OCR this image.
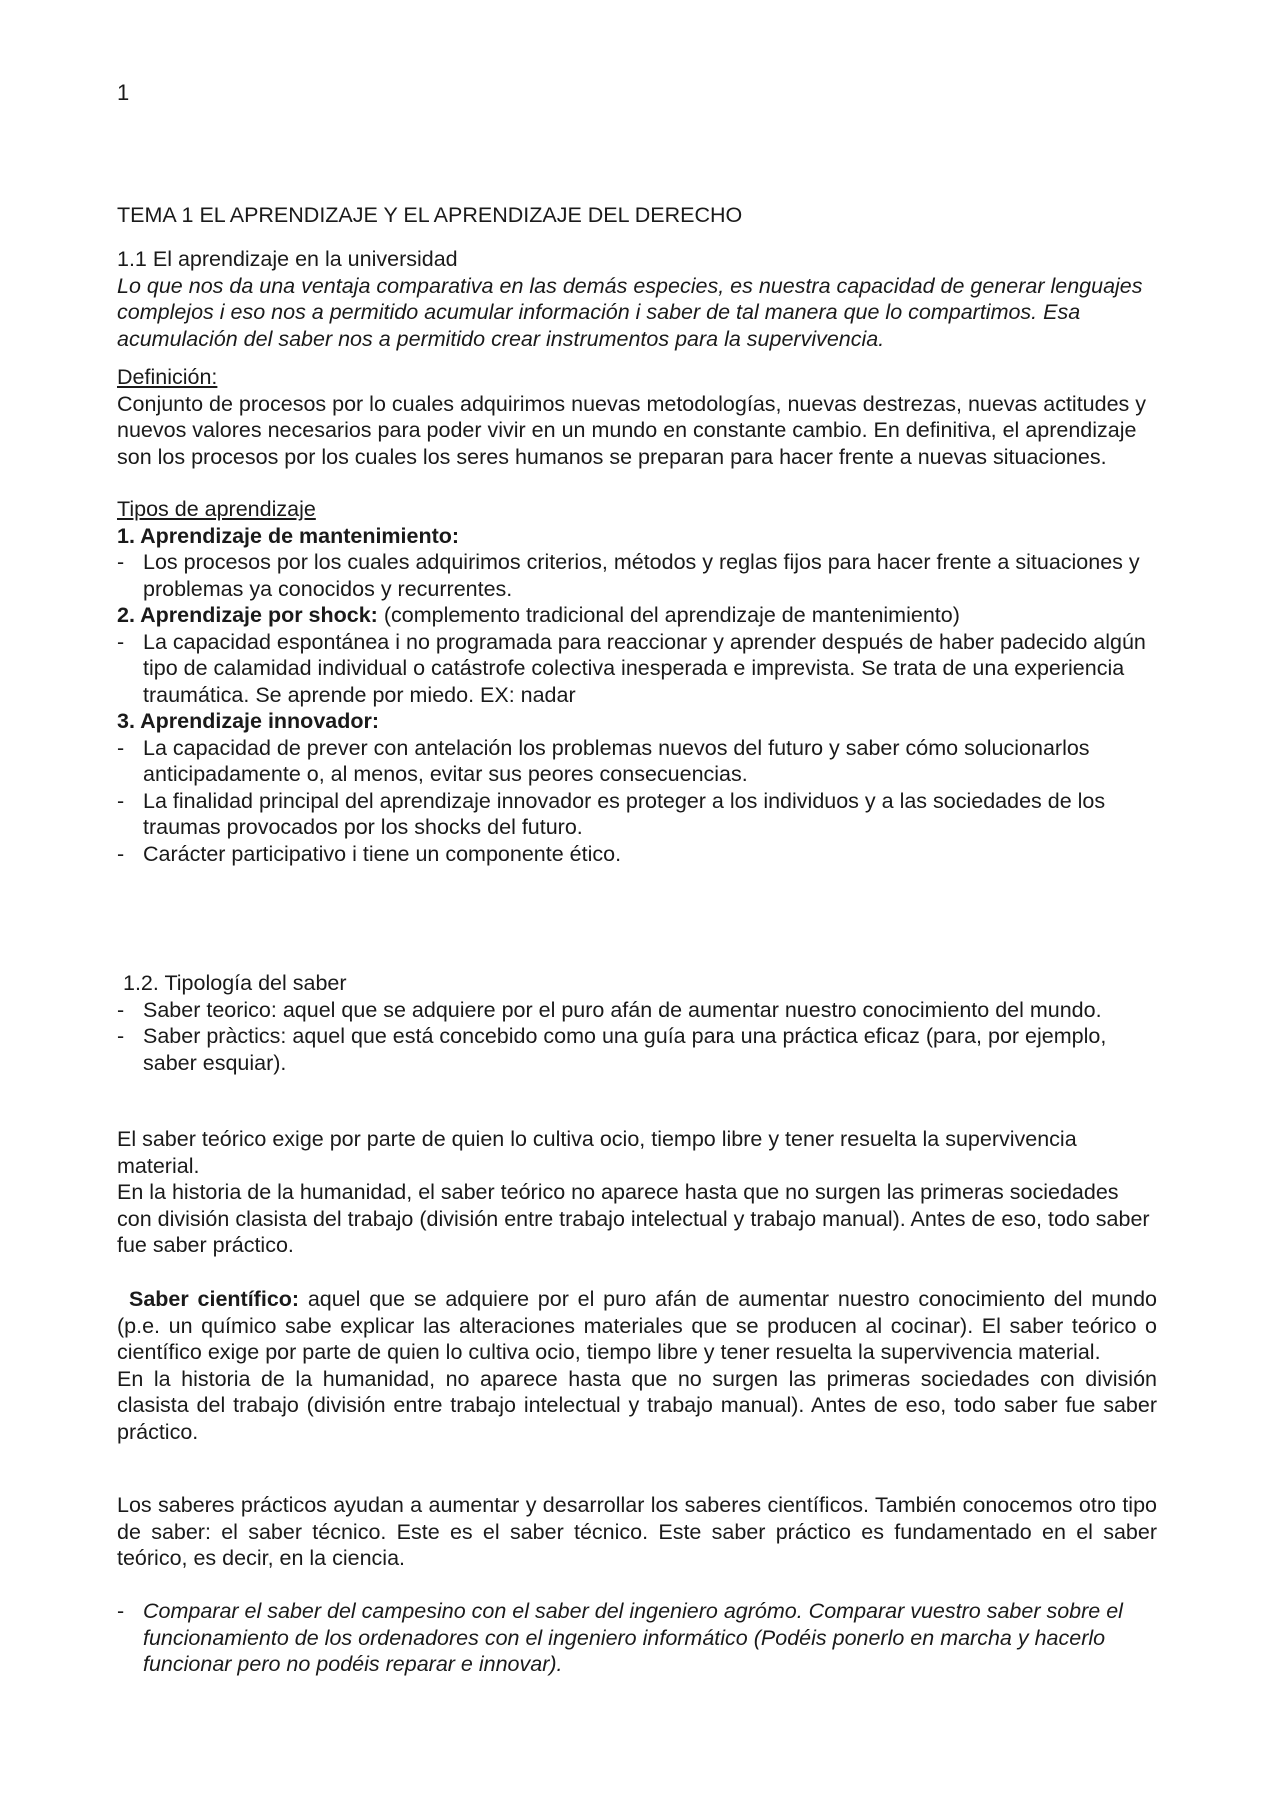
1

TEMA 1 EL APRENDIZAJE Y EL APRENDIZAJE DEL DERECHO

1.1 El aprendizaje en la universidad

Lo que nos da una ventaja comparativa en las demás especies, es nuestra capacidad de generar lenguajes complejos i eso nos a permitido acumular información i saber de tal manera que lo compartimos. Esa acumulación del saber nos a permitido crear instrumentos para la supervivencia.

Definición:

Conjunto de procesos por lo cuales adquirimos nuevas metodologías, nuevas destrezas, nuevas actitudes y nuevos valores necesarios para poder vivir en un mundo en constante cambio. En definitiva, el aprendizaje son los procesos por los cuales los seres humanos se preparan para hacer frente a nuevas situaciones.

Tipos de aprendizaje

1. Aprendizaje de mantenimiento:

- Los procesos por los cuales adquirimos criterios, métodos y reglas fijos para hacer frente a situaciones y problemas ya conocidos y recurrentes.

2. Aprendizaje por shock: (complemento tradicional del aprendizaje de mantenimiento)

- La capacidad espontánea i no programada para reaccionar y aprender después de haber padecido algún tipo de calamidad individual o catástrofe colectiva inesperada e imprevista. Se trata de una experiencia traumática. Se aprende por miedo. EX: nadar

3. Aprendizaje innovador:

- La capacidad de prever con antelación los problemas nuevos del futuro y saber cómo solucionarlos anticipadamente o, al menos, evitar sus peores consecuencias.
- La finalidad principal del aprendizaje innovador es proteger a los individuos y a las sociedades de los traumas provocados por los shocks del futuro.
- Carácter participativo i tiene un componente ético.

1.2. Tipología del saber

- Saber teorico: aquel que se adquiere por el puro afán de aumentar nuestro conocimiento del mundo.
- Saber pràctics: aquel que está concebido como una guía para una práctica eficaz (para, por ejemplo, saber esquiar).

El saber teórico exige por parte de quien lo cultiva ocio, tiempo libre y tener resuelta la supervivencia material.

En la historia de la humanidad, el saber teórico no aparece hasta que no surgen las primeras sociedades con división clasista del trabajo (división entre trabajo intelectual y trabajo manual). Antes de eso, todo saber fue saber práctico.

Saber científico: aquel que se adquiere por el puro afán de aumentar nuestro conocimiento del mundo (p.e. un químico sabe explicar las alteraciones materiales que se producen al cocinar). El saber teórico o científico exige por parte de quien lo cultiva ocio, tiempo libre y tener resuelta la supervivencia material.

En la historia de la humanidad, no aparece hasta que no surgen las primeras sociedades con división clasista del trabajo (división entre trabajo intelectual y trabajo manual). Antes de eso, todo saber fue saber práctico.

Los saberes prácticos ayudan a aumentar y desarrollar los saberes científicos. También conocemos otro tipo de saber: el saber técnico. Este es el saber técnico. Este saber práctico es fundamentado en el saber teórico, es decir, en la ciencia.

- Comparar el saber del campesino con el saber del ingeniero agrómo. Comparar vuestro saber sobre el funcionamiento de los ordenadores con el ingeniero informático (Podéis ponerlo en marcha y hacerlo funcionar pero no podéis reparar e innovar).
